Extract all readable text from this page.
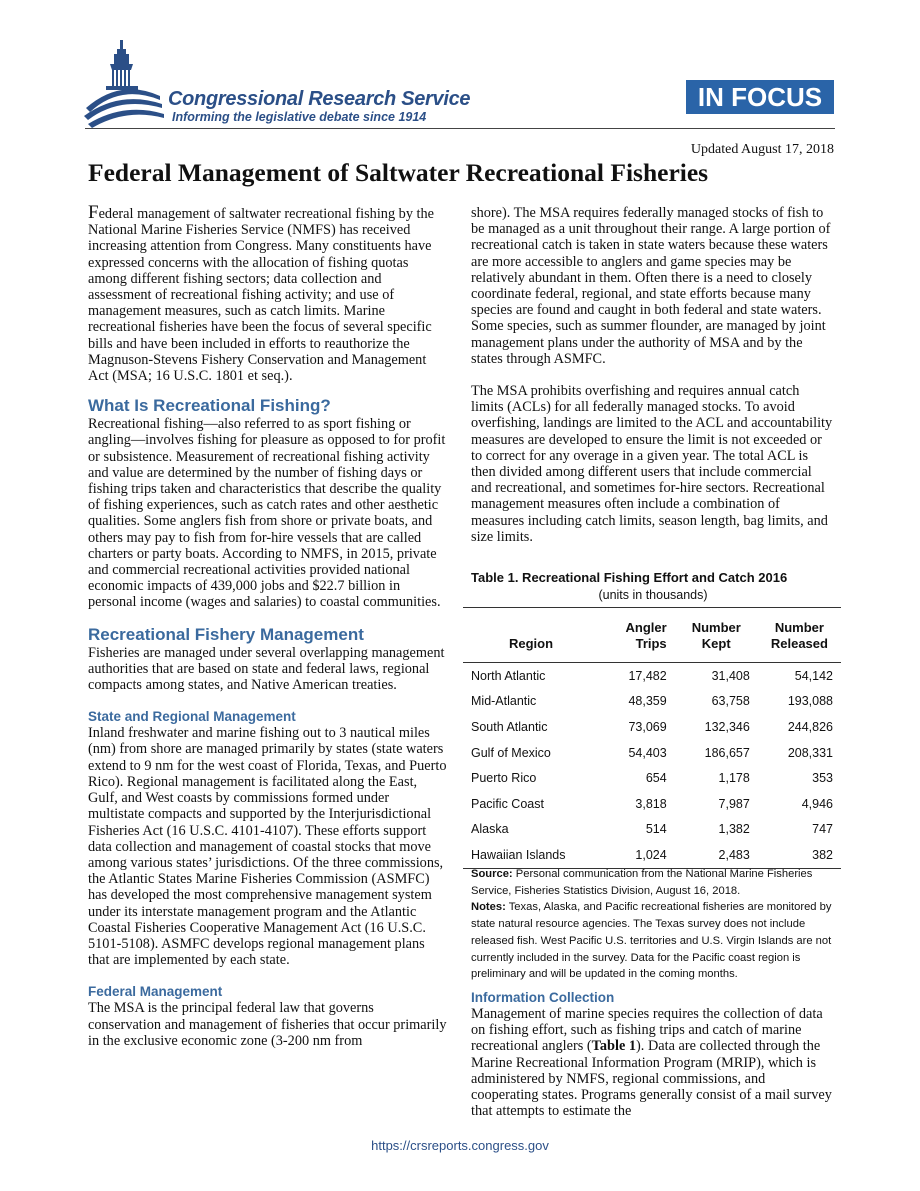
Congressional Research Service
Informing the legislative debate since 1914
IN FOCUS
Updated August 17, 2018
Federal Management of Saltwater Recreational Fisheries

Federal management of saltwater recreational fishing by the National Marine Fisheries Service (NMFS) has received increasing attention from Congress. Many constituents have expressed concerns with the allocation of fishing quotas among different fishing sectors; data collection and assessment of recreational fishing activity; and use of management measures, such as catch limits. Marine recreational fisheries have been the focus of several specific bills and have been included in efforts to reauthorize the Magnuson-Stevens Fishery Conservation and Management Act (MSA; 16 U.S.C. 1801 et seq.).

What Is Recreational Fishing?

Recreational fishing—also referred to as sport fishing or angling—involves fishing for pleasure as opposed to for profit or subsistence. Measurement of recreational fishing activity and value are determined by the number of fishing days or fishing trips taken and characteristics that describe the quality of fishing experiences, such as catch rates and other aesthetic qualities. Some anglers fish from shore or private boats, and others may pay to fish from for-hire vessels that are called charters or party boats. According to NMFS, in 2015, private and commercial recreational activities provided national economic impacts of 439,000 jobs and $22.7 billion in personal income (wages and salaries) to coastal communities.

Recreational Fishery Management

Fisheries are managed under several overlapping management authorities that are based on state and federal laws, regional compacts among states, and Native American treaties.

State and Regional Management

Inland freshwater and marine fishing out to 3 nautical miles (nm) from shore are managed primarily by states (state waters extend to 9 nm for the west coast of Florida, Texas, and Puerto Rico). Regional management is facilitated along the East, Gulf, and West coasts by commissions formed under multistate compacts and supported by the Interjurisdictional Fisheries Act (16 U.S.C. 4101-4107). These efforts support data collection and management of coastal stocks that move among various states’ jurisdictions. Of the three commissions, the Atlantic States Marine Fisheries Commission (ASMFC) has developed the most comprehensive management system under its interstate management program and the Atlantic Coastal Fisheries Cooperative Management Act (16 U.S.C. 5101-5108). ASMFC develops regional management plans that are implemented by each state.

Federal Management

The MSA is the principal federal law that governs conservation and management of fisheries that occur primarily in the exclusive economic zone (3-200 nm from

shore). The MSA requires federally managed stocks of fish to be managed as a unit throughout their range. A large portion of recreational catch is taken in state waters because these waters are more accessible to anglers and game species may be relatively abundant in them. Often there is a need to closely coordinate federal, regional, and state efforts because many species are found and caught in both federal and state waters. Some species, such as summer flounder, are managed by joint management plans under the authority of MSA and by the states through ASMFC.

The MSA prohibits overfishing and requires annual catch limits (ACLs) for all federally managed stocks. To avoid overfishing, landings are limited to the ACL and accountability measures are developed to ensure the limit is not exceeded or to correct for any overage in a given year. The total ACL is then divided among different users that include commercial and recreational, and sometimes for-hire sectors. Recreational management measures often include a combination of measures including catch limits, season length, bag limits, and size limits.

Table 1. Recreational Fishing Effort and Catch 2016
(units in thousands)
Region	Angler Trips	Number Kept	Number Released
North Atlantic	17,482	31,408	54,142
Mid-Atlantic	48,359	63,758	193,088
South Atlantic	73,069	132,346	244,826
Gulf of Mexico	54,403	186,657	208,331
Puerto Rico	654	1,178	353
Pacific Coast	3,818	7,987	4,946
Alaska	514	1,382	747
Hawaiian Islands	1,024	2,483	382
Source: Personal communication from the National Marine Fisheries Service, Fisheries Statistics Division, August 16, 2018.
Notes: Texas, Alaska, and Pacific recreational fisheries are monitored by state natural resource agencies. The Texas survey does not include released fish. West Pacific U.S. territories and U.S. Virgin Islands are not currently included in the survey. Data for the Pacific coast region is preliminary and will be updated in the coming months.
Information Collection

Management of marine species requires the collection of data on fishing effort, such as fishing trips and catch of marine recreational anglers (Table 1). Data are collected through the Marine Recreational Information Program (MRIP), which is administered by NMFS, regional commissions, and cooperating states. Programs generally consist of a mail survey that attempts to estimate the

https://crsreports.congress.gov
